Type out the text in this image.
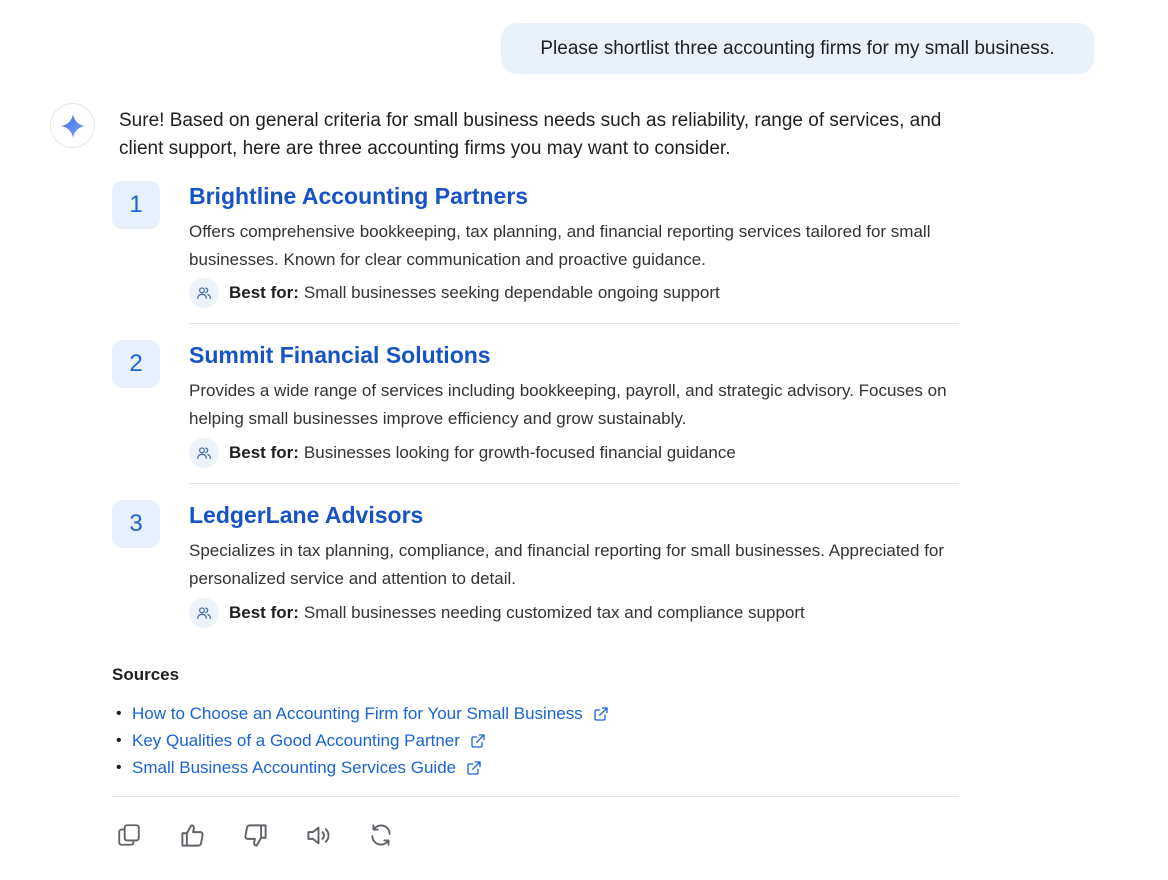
Please shortlist three accounting firms for my small business.
Sure! Based on general criteria for small business needs such as reliability, range of services, and client support, here are three accounting firms you may want to consider.
1	Brightline Accounting Partners
Offers comprehensive bookkeeping, tax planning, and financial reporting services tailored for small businesses. Known for clear communication and proactive guidance.
Best for: Small businesses seeking dependable ongoing support
2	Summit Financial Solutions
Provides a wide range of services including bookkeeping, payroll, and strategic advisory. Focuses on helping small businesses improve efficiency and grow sustainably.
Best for: Businesses looking for growth-focused financial guidance
3	LedgerLane Advisors
Specializes in tax planning, compliance, and financial reporting for small businesses. Appreciated for personalized service and attention to detail.
Best for: Small businesses needing customized tax and compliance support
Sources
• How to Choose an Accounting Firm for Your Small Business
• Key Qualities of a Good Accounting Partner
• Small Business Accounting Services Guide
